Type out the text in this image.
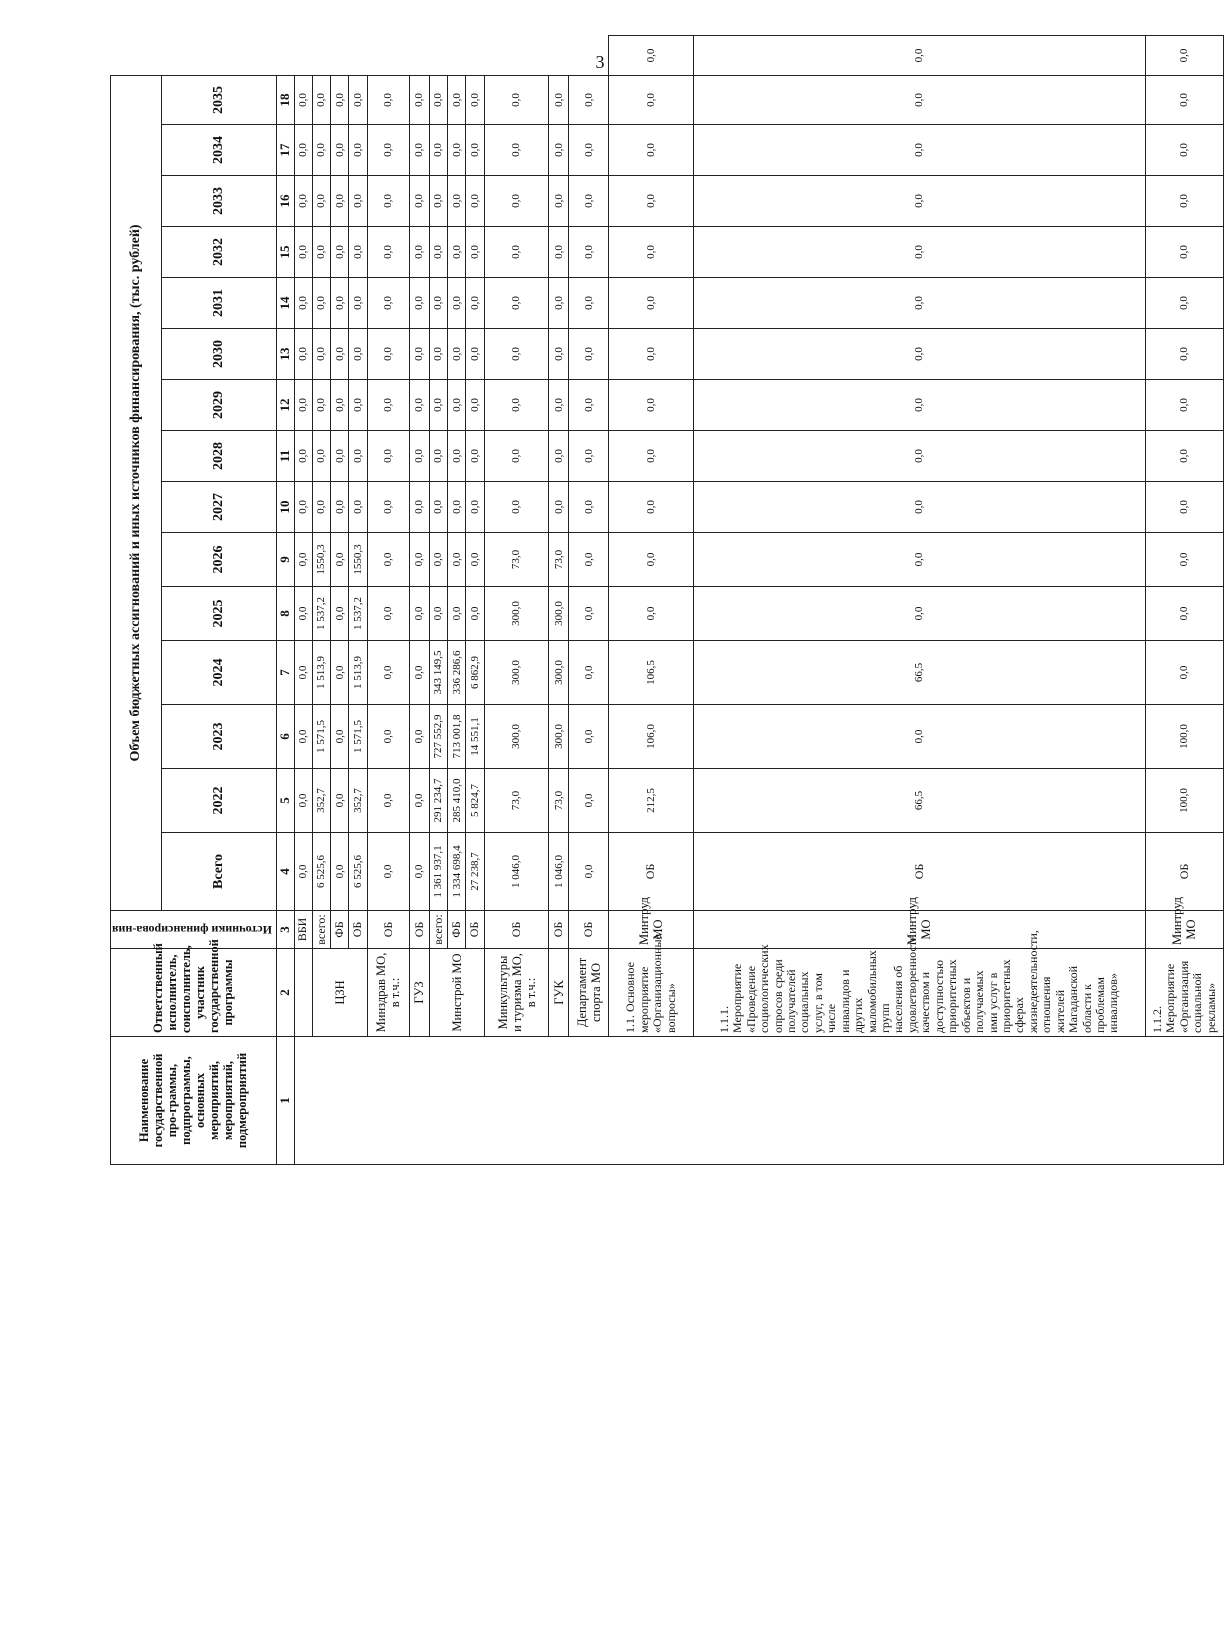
3
Наименование государственной про-граммы, подпрограммы, основных мероприятий, мероприятий, подмероприятий	Ответственный исполнитель, соисполнитель, участник государственной программы	Источники финансирова-ния	Объем бюджетных ассигнований и иных источников финансирования, (тыс. рублей)															
			Всего	2022	2023	2024	2025	2026	2027	2028	2029	2030	2031	2032	2033	2034	2035	
1	2	3	4	5	6	7	8	9	10	11	12	13	14	15	16	17	18	
		ВБИ	0,0	0,0	0,0	0,0	0,0	0,0	0,0	0,0	0,0	0,0	0,0	0,0	0,0	0,0	0,0	
	ЦЗН	всего:	6 525,6	352,7	1 571,5	1 513,9	1 537,2	1550,3	0,0	0,0	0,0	0,0	0,0	0,0	0,0	0,0	0,0	
		ФБ	0,0	0,0	0,0	0,0	0,0	0,0	0,0	0,0	0,0	0,0	0,0	0,0	0,0	0,0	0,0	
		ОБ	6 525,6	352,7	1 571,5	1 513,9	1 537,2	1550,3	0,0	0,0	0,0	0,0	0,0	0,0	0,0	0,0	0,0	
	Минздрав МО, в т.ч.:	ОБ	0,0	0,0	0,0	0,0	0,0	0,0	0,0	0,0	0,0	0,0	0,0	0,0	0,0	0,0	0,0	
	ГУЗ	ОБ	0,0	0,0	0,0	0,0	0,0	0,0	0,0	0,0	0,0	0,0	0,0	0,0	0,0	0,0	0,0	
	Минстрой МО	всего:	1 361 937,1	291 234,7	727 552,9	343 149,5	0,0	0,0	0,0	0,0	0,0	0,0	0,0	0,0	0,0	0,0	0,0	
		ФБ	1 334 698,4	285 410,0	713 001,8	336 286,6	0,0	0,0	0,0	0,0	0,0	0,0	0,0	0,0	0,0	0,0	0,0	
		ОБ	27 238,7	5 824,7	14 551,1	6 862,9	0,0	0,0	0,0	0,0	0,0	0,0	0,0	0,0	0,0	0,0	0,0	
	Минкультуры и туризма МО, в т.ч.:	ОБ	1 046,0	73,0	300,0	300,0	300,0	73,0	0,0	0,0	0,0	0,0	0,0	0,0	0,0	0,0	0,0	
	ГУК	ОБ	1 046,0	73,0	300,0	300,0	300,0	73,0	0,0	0,0	0,0	0,0	0,0	0,0	0,0	0,0	0,0	
	Департамент спорта МО	ОБ	0,0	0,0	0,0	0,0	0,0	0,0	0,0	0,0	0,0	0,0	0,0	0,0	0,0	0,0	0,0	
	1.1. Основное мероприятие «Организационные вопросы»	Минтруд МО	ОБ	212,5	106,0	106,5	0,0	0,0	0,0	0,0	0,0	0,0	0,0	0,0	0,0	0,0	0,0	0,0
	1.1.1. Мероприятие «Проведение социологических опросов среди получателей социальных услуг, в том числе инвалидов и других маломобильных групп населения об удовлетворенности качеством и доступностью приоритетных объектов и получаемых ими услуг в приоритетных сферах жизнедеятельности, отношения жителей Магаданской области к проблемам инвалидов»	Минтруд МО	ОБ	66,5	0,0	66,5	0,0	0,0	0,0	0,0	0,0	0,0	0,0	0,0	0,0	0,0	0,0	0,0
	1.1.2. Мероприятие «Организация социальной рекламы»	Минтруд МО	ОБ	100,0	100,0	0,0	0,0	0,0	0,0	0,0	0,0	0,0	0,0	0,0	0,0	0,0	0,0	0,0
